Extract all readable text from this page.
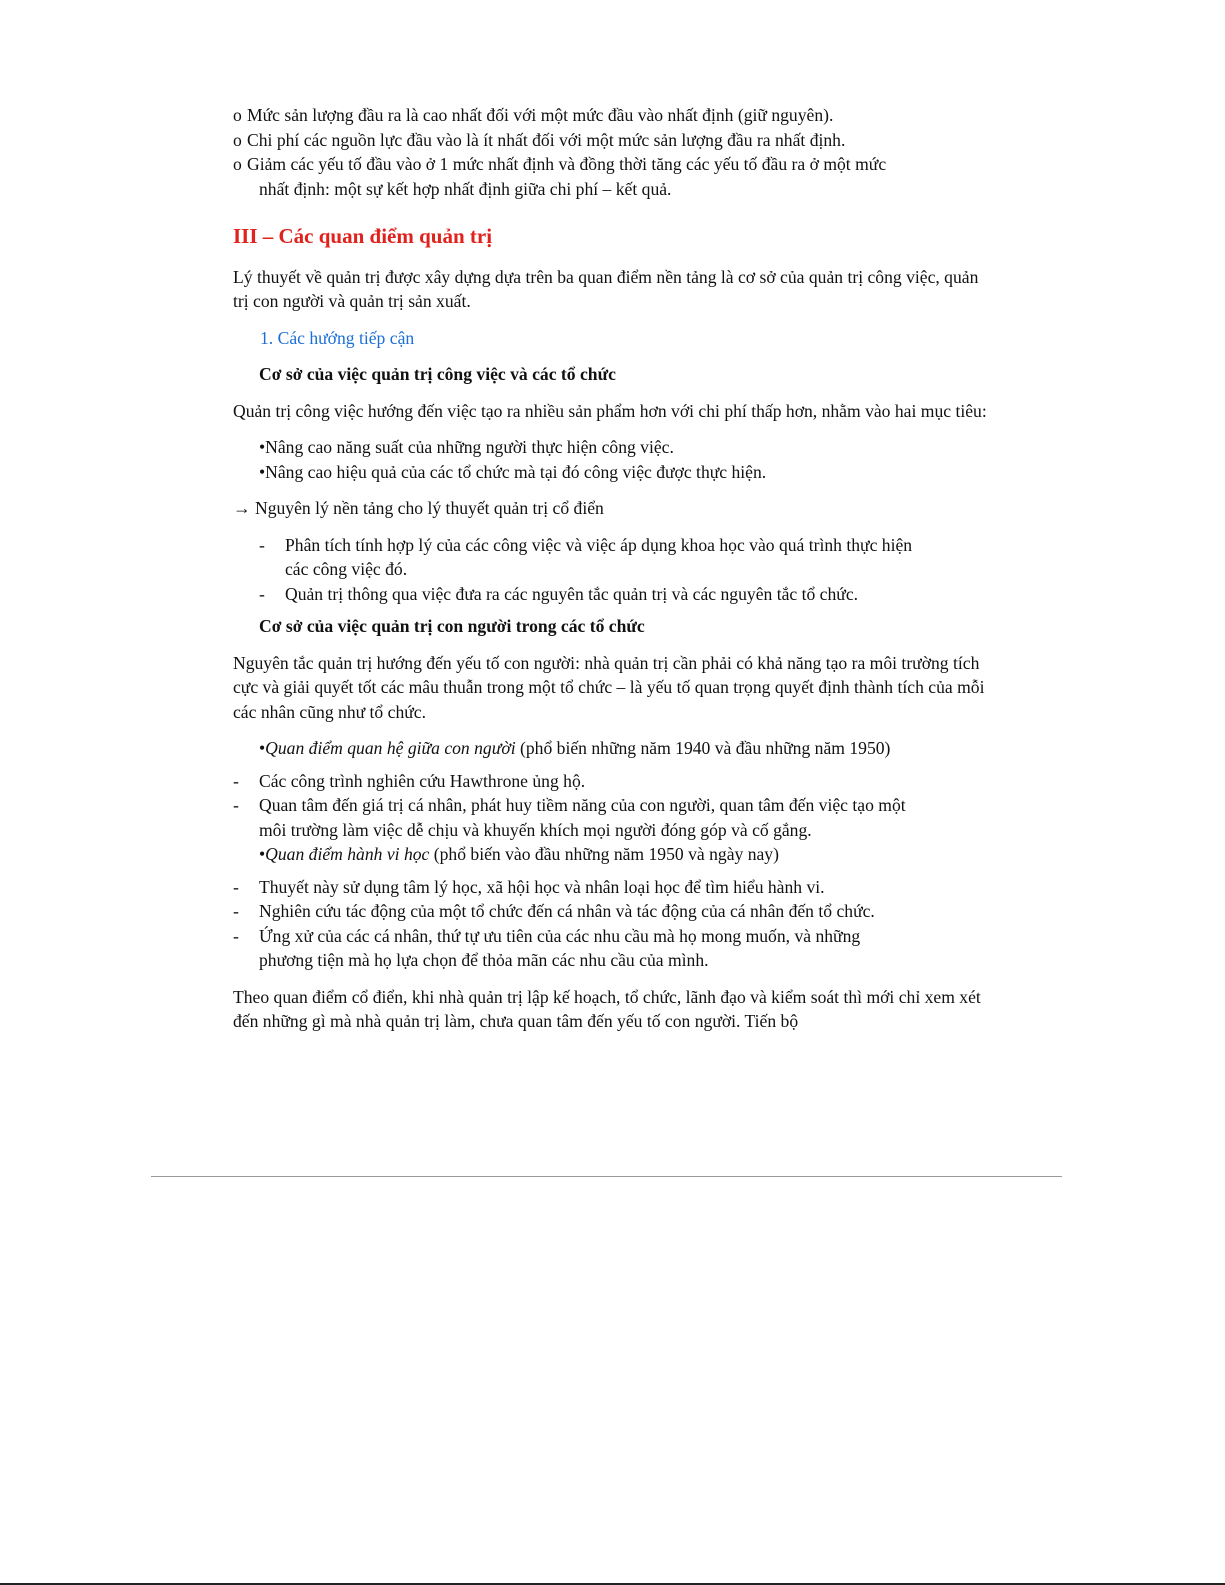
o Mức sản lượng đầu ra là cao nhất đối với một mức đầu vào nhất định (giữ nguyên).

o Chi phí các nguồn lực đầu vào là ít nhất đối với một mức sản lượng đầu ra nhất định.

o Giảm các yếu tố đầu vào ở 1 mức nhất định và đồng thời tăng các yếu tố đầu ra ở một mức
nhất định: một sự kết hợp nhất định giữa chi phí – kết quả.

III – Các quan điểm quản trị

Lý thuyết về quản trị được xây dựng dựa trên ba quan điểm nền tảng là cơ sở của quản trị công việc, quản trị con người và quản trị sản xuất.

1. Các hướng tiếp cận

Cơ sở của việc quản trị công việc và các tổ chức

Quản trị công việc hướng đến việc tạo ra nhiều sản phẩm hơn với chi phí thấp hơn, nhằm vào hai mục tiêu:

•Nâng cao năng suất của những người thực hiện công việc.

•Nâng cao hiệu quả của các tổ chức mà tại đó công việc được thực hiện.

→ Nguyên lý nền tảng cho lý thuyết quản trị cổ điển

- Phân tích tính hợp lý của các công việc và việc áp dụng khoa học vào quá trình thực hiện
các công việc đó.

- Quản trị thông qua việc đưa ra các nguyên tắc quản trị và các nguyên tắc tổ chức.

Cơ sở của việc quản trị con người trong các tổ chức

Nguyên tắc quản trị hướng đến yếu tố con người: nhà quản trị cần phải có khả năng tạo ra môi trường tích cực và giải quyết tốt các mâu thuẫn trong một tổ chức – là yếu tố quan trọng quyết định thành tích của mỗi các nhân cũng như tổ chức.

•Quan điểm quan hệ giữa con người (phổ biến những năm 1940 và đầu những năm 1950)

- Các công trình nghiên cứu Hawthrone ủng hộ.

- Quan tâm đến giá trị cá nhân, phát huy tiềm năng của con người, quan tâm đến việc tạo một
môi trường làm việc dễ chịu và khuyến khích mọi người đóng góp và cố gắng.

•Quan điểm hành vi học (phổ biến vào đầu những năm 1950 và ngày nay)

- Thuyết này sử dụng tâm lý học, xã hội học và nhân loại học để tìm hiểu hành vi.

- Nghiên cứu tác động của một tổ chức đến cá nhân và tác động của cá nhân đến tổ chức.

- Ứng xử của các cá nhân, thứ tự ưu tiên của các nhu cầu mà họ mong muốn, và những
phương tiện mà họ lựa chọn để thỏa mãn các nhu cầu của mình.

Theo quan điểm cổ điển, khi nhà quản trị lập kế hoạch, tổ chức, lãnh đạo và kiểm soát thì mới chỉ xem xét đến những gì mà nhà quản trị làm, chưa quan tâm đến yếu tố con người. Tiến bộ
